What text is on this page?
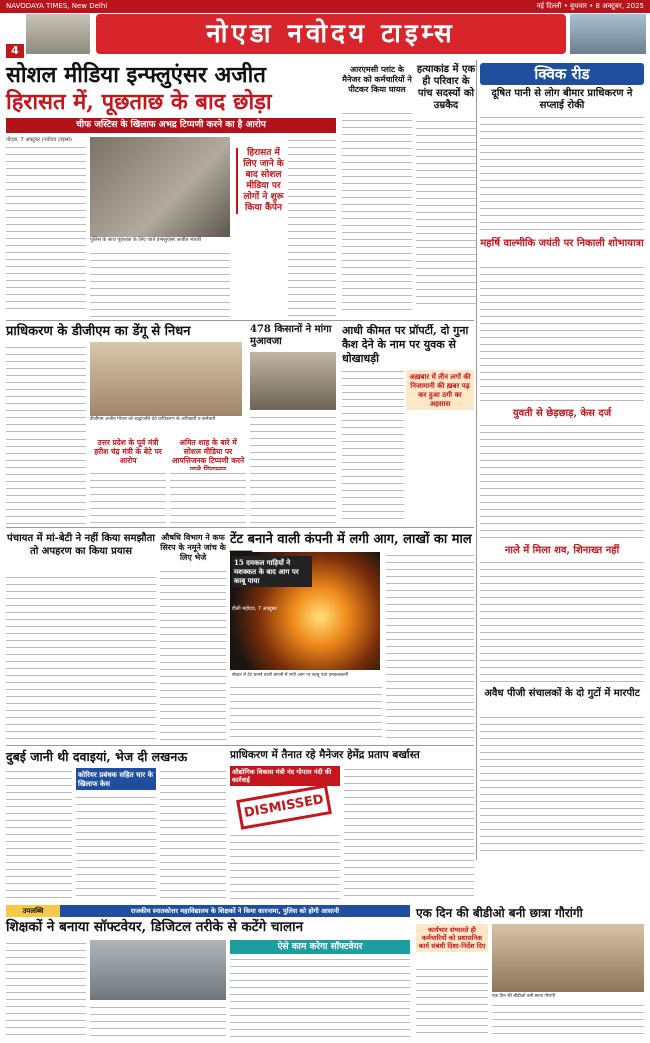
NAVODAYA TIMES, New Delhi	नई दिल्ली • बुधवार • 8 अक्टूबर, 2025
नोएडा नवोदय टाइम्स
4
सोशल मीडिया इन्फ्लुएंसर अजीत
हिरासत में, पूछताछ के बाद छोड़ा
चीफ जस्टिस के खिलाफ अभद्र टिप्पणी करने का है आरोप
नोएडा, 7 अक्टूबर (नवोदय टाइम्स)
पुलिस के साथ पूछताछ के लिए जाते इन्फ्लुएंसर अजीत भारती
हिरासत में लिए जाने के बाद सोशल मीडिया पर लोगों ने शुरू किया कैंपेन
आरएमसी प्लांट के मैनेजर को कर्मचारियों ने पीटकर किया घायल
हत्याकांड में एक ही परिवार के पांच सदस्यों को उम्रकैद
क्विक रीड
दूषित पानी से लोग बीमार प्राधिकरण ने सप्लाई रोकी
महर्षि वाल्मीकि जयंती पर निकाली शोभायात्रा
युवती से छेड़छाड़, केस दर्ज
नाले में मिला शव, शिनाख्त नहीं
अवैध पीजी संचालकों के दो गुटों में मारपीट
प्राधिकरण के डीजीएम का डेंगू से निधन
डीजीएम अजीत गोयल को श्रद्धांजलि देते प्राधिकरण के अधिकारी व कर्मचारी
478 किसानों ने मांगा मुआवजा
आधी कीमत पर प्रॉपर्टी, दो गुना कैश देने के नाम पर युवक से धोखाधड़ी
अख़बार में तीन लगों की निजामानी की ख़बर पढ़ कर हुआ ठगी का अहसास
उत्तर प्रदेश के पूर्व मंत्री हरीश चंद्र मंत्री के बेटे पर आरोप
अमित शाह के बारे में सोशल मीडिया पर आपत्तिजनक टिप्पणी करने
पंचायत में मां-बेटी ने नहीं किया समझौता तो अपहरण का किया प्रयास
औषधि विभाग ने कफ सिरप के नमूने जांच के लिए भेजे
टेंट बनाने वाली कंपनी में लगी आग, लाखों का माल
15 दमकल गाड़ियों ने मशक्कत के बाद आग पर काबू पाया
सेक्टर में टेंट बनाने वाली कंपनी में लगी आग पर काबू पाते दमकलकर्मी
डीसी महोदय, 7 अक्टूबर
दुबई जानी थी दवाइयां, भेज दी लखनऊ
कोरियर प्रबंधक सहित चार के खिलाफ केस
प्राधिकरण में तैनात रहे मैनेजर हेमेंद्र प्रताप बर्खास्त
औद्योगिक विकास मंत्री नंद गोपाल नंदी की कार्रवाई
DISMISSED
उपलब्धि	राजकीय स्नातकोत्तर महाविद्यालय के शिक्षकों ने किया कारनामा, पुलिस को होगी आसानी
शिक्षकों ने बनाया सॉफ्टवेयर, डिजिटल तरीके से कटेंगे चालान
ऐसे काम करेगा सॉफ्टवेयर
एक दिन की बीडीओ बनी छात्रा गौरांगी
कार्यभार संभालते ही कर्मचारियों को प्रशासनिक कार्य संबंधी दिशा-निर्देश दिए
एक दिन की बीडीओ बनी छात्रा गौरांगी
